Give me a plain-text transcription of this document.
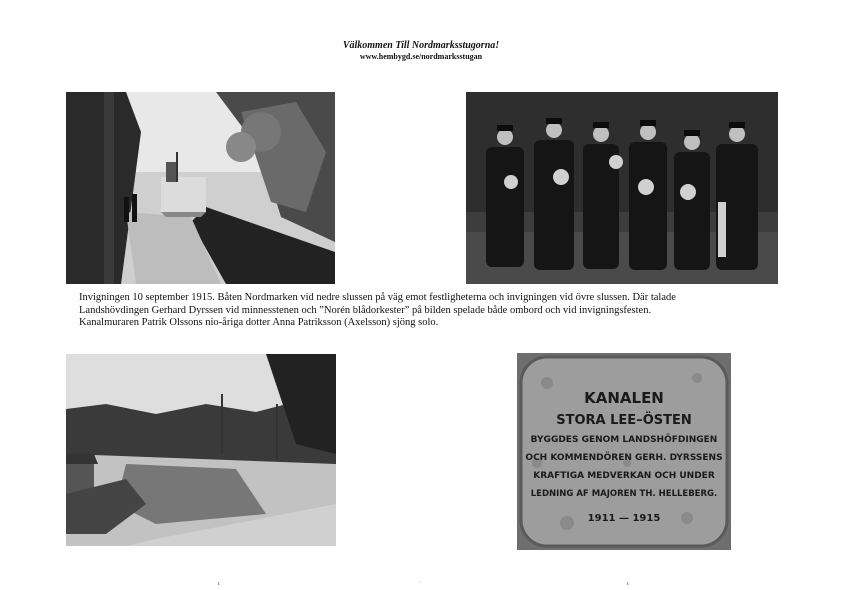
Välkommen Till Nordmarksstugorna!
www.hembygd.se/nordmarksstugan
Invigningen 10 september 1915. Båten Nordmarken vid nedre slussen på väg emot festligheterna och invigningen vid övre slussen. Där talade
Landshövdingen Gerhard Dyrssen vid minnesstenen och ”Norén blådorkester” på bilden spelade både ombord och vid invigningsfesten.
Kanalmuraren Patrik Olssons nio-åriga dotter Anna Patriksson (Axelsson) sjöng solo.
KANALEN
STORA LEE–ÖSTEN
BYGGDES GENOM LANDSHÖFDINGEN
OCH KOMMENDÖREN GERH. DYRSSENS
KRAFTIGA MEDVERKAN OCH UNDER
LEDNING AF MAJOREN TH. HELLEBERG.
1911 — 1915
ı	·	ı
